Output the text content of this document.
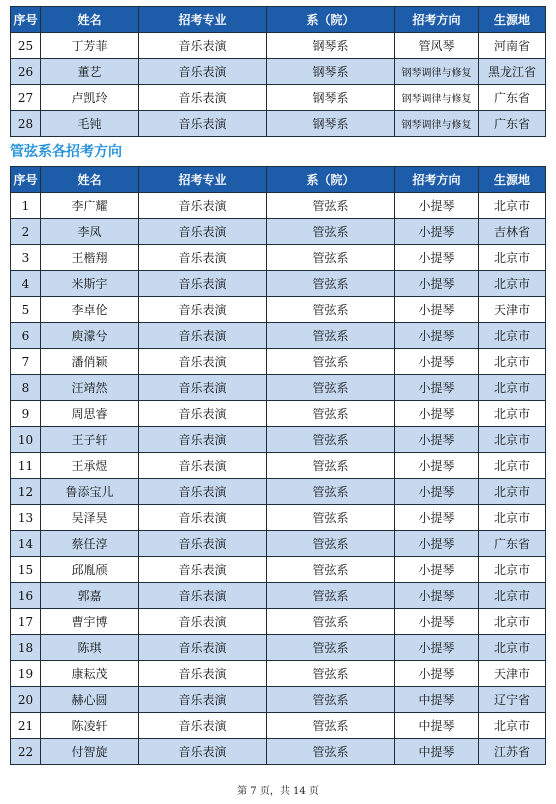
序号	姓名	招考专业	系（院）	招考方向	生源地
25	丁芳菲	音乐表演	钢琴系	管风琴	河南省
26	董艺	音乐表演	钢琴系	钢琴调律与修复	黑龙江省
27	卢凯玲	音乐表演	钢琴系	钢琴调律与修复	广东省
28	毛钝	音乐表演	钢琴系	钢琴调律与修复	广东省
管弦系各招考方向
序号	姓名	招考专业	系（院）	招考方向	生源地
1	李广耀	音乐表演	管弦系	小提琴	北京市
2	李凤	音乐表演	管弦系	小提琴	吉林省
3	王楷翔	音乐表演	管弦系	小提琴	北京市
4	米斯宇	音乐表演	管弦系	小提琴	北京市
5	李卓伦	音乐表演	管弦系	小提琴	天津市
6	庾濛兮	音乐表演	管弦系	小提琴	北京市
7	潘俏颖	音乐表演	管弦系	小提琴	北京市
8	汪靖然	音乐表演	管弦系	小提琴	北京市
9	周思睿	音乐表演	管弦系	小提琴	北京市
10	王子轩	音乐表演	管弦系	小提琴	北京市
11	王承煜	音乐表演	管弦系	小提琴	北京市
12	鲁添宝儿	音乐表演	管弦系	小提琴	北京市
13	吴泽昊	音乐表演	管弦系	小提琴	北京市
14	蔡任淳	音乐表演	管弦系	小提琴	广东省
15	邱胤颀	音乐表演	管弦系	小提琴	北京市
16	郭嘉	音乐表演	管弦系	小提琴	北京市
17	曹宇博	音乐表演	管弦系	小提琴	北京市
18	陈琪	音乐表演	管弦系	小提琴	北京市
19	康耘茂	音乐表演	管弦系	小提琴	天津市
20	赫心圆	音乐表演	管弦系	中提琴	辽宁省
21	陈凌轩	音乐表演	管弦系	中提琴	北京市
22	付智旋	音乐表演	管弦系	中提琴	江苏省
第 7 页，共 14 页
